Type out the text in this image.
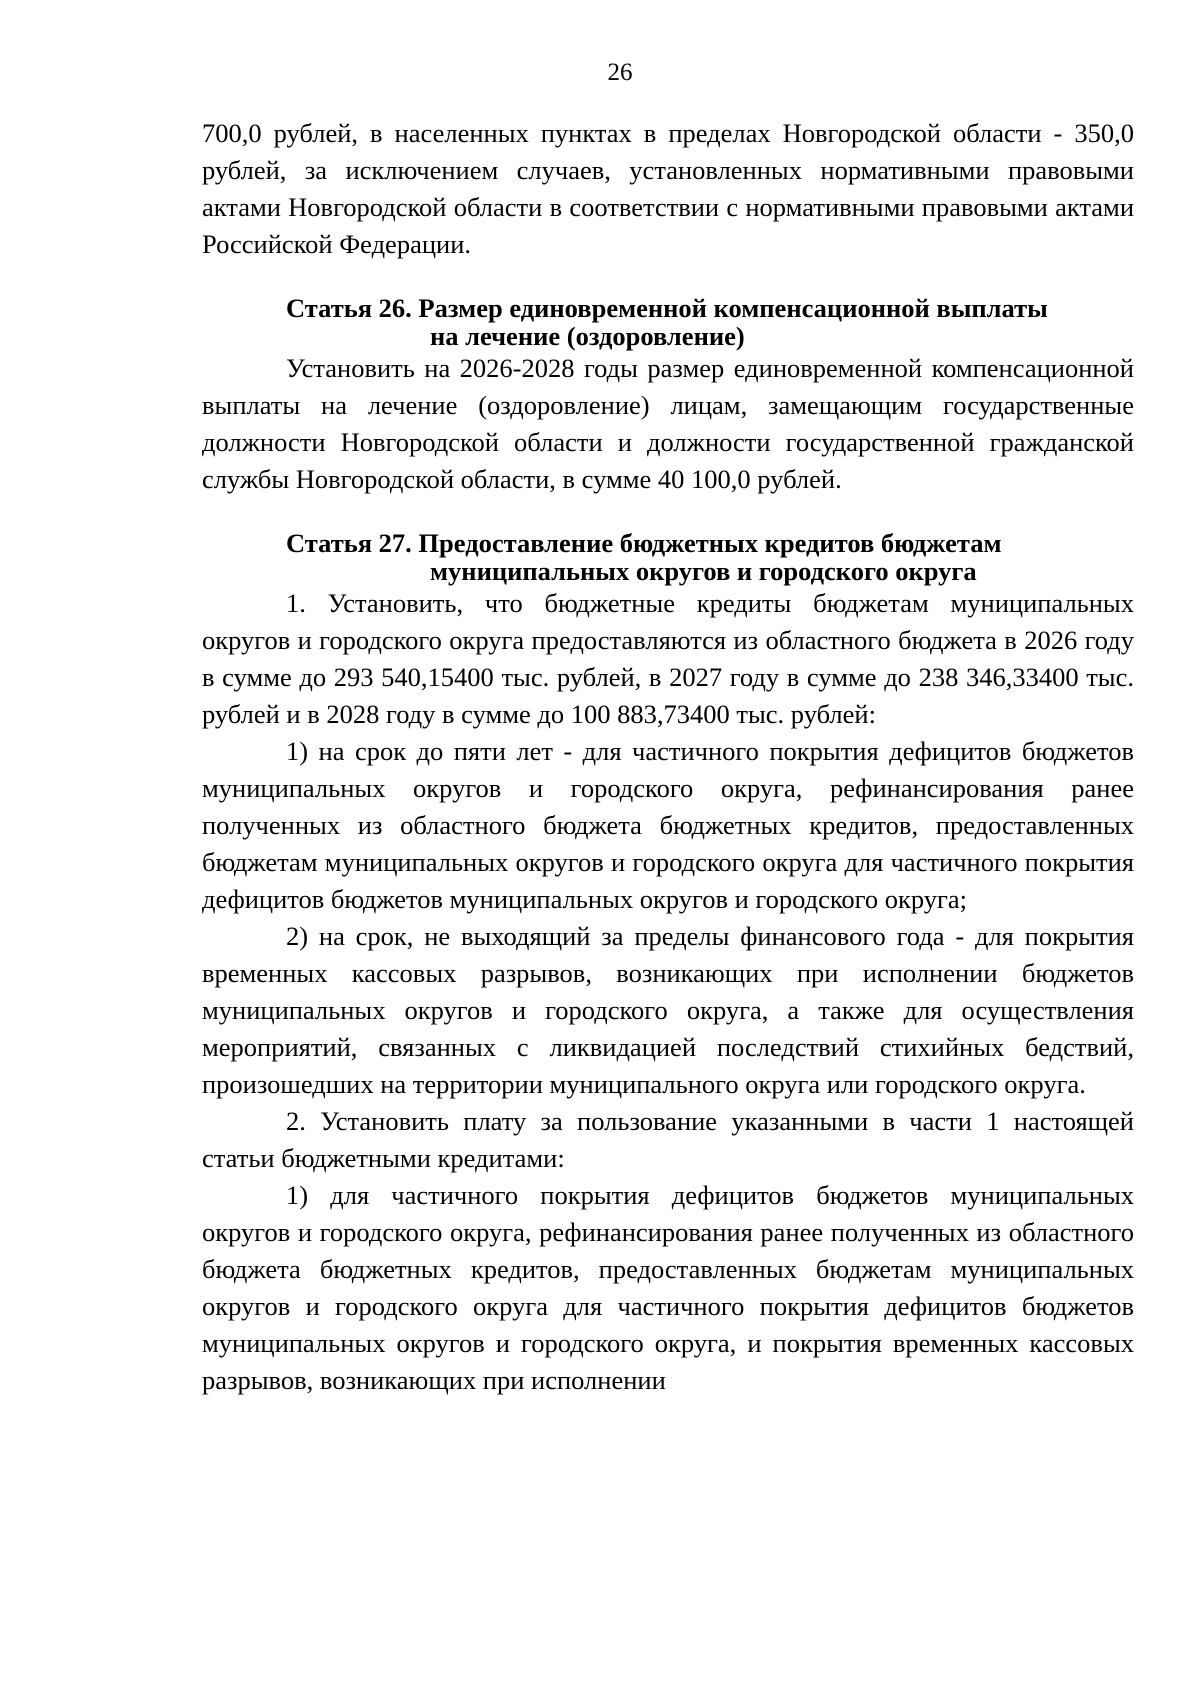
26

700,0 рублей, в населенных пунктах в пределах Новгородской области - 350,0 рублей, за исключением случаев, установленных нормативными правовыми актами Новгородской области в соответствии с нормативными правовыми актами Российской Федерации.

Статья 26. Размер единовременной компенсационной выплаты
на лечение (оздоровление)

Установить на 2026-2028 годы размер единовременной компенсационной выплаты на лечение (оздоровление) лицам, замещающим государственные должности Новгородской области и должности государственной гражданской службы Новгородской области, в сумме 40 100,0 рублей.

Статья 27. Предоставление бюджетных кредитов бюджетам
муниципальных округов и городского округа

1. Установить, что бюджетные кредиты бюджетам муниципальных округов и городского округа предоставляются из областного бюджета в 2026 году в сумме до 293 540,15400 тыс. рублей, в 2027 году в сумме до 238 346,33400 тыс. рублей и в 2028 году в сумме до 100 883,73400 тыс. рублей:

1) на срок до пяти лет - для частичного покрытия дефицитов бюджетов муниципальных округов и городского округа, рефинансирования ранее полученных из областного бюджета бюджетных кредитов, предоставленных бюджетам муниципальных округов и городского округа для частичного покрытия дефицитов бюджетов муниципальных округов и городского округа;

2) на срок, не выходящий за пределы финансового года - для покрытия временных кассовых разрывов, возникающих при исполнении бюджетов муниципальных округов и городского округа, а также для осуществления мероприятий, связанных с ликвидацией последствий стихийных бедствий, произошедших на территории муниципального округа или городского округа.

2. Установить плату за пользование указанными в части 1 настоящей статьи бюджетными кредитами:

1) для частичного покрытия дефицитов бюджетов муниципальных округов и городского округа, рефинансирования ранее полученных из областного бюджета бюджетных кредитов, предоставленных бюджетам муниципальных округов и городского округа для частичного покрытия дефицитов бюджетов муниципальных округов и городского округа, и покрытия временных кассовых разрывов, возникающих при исполнении
